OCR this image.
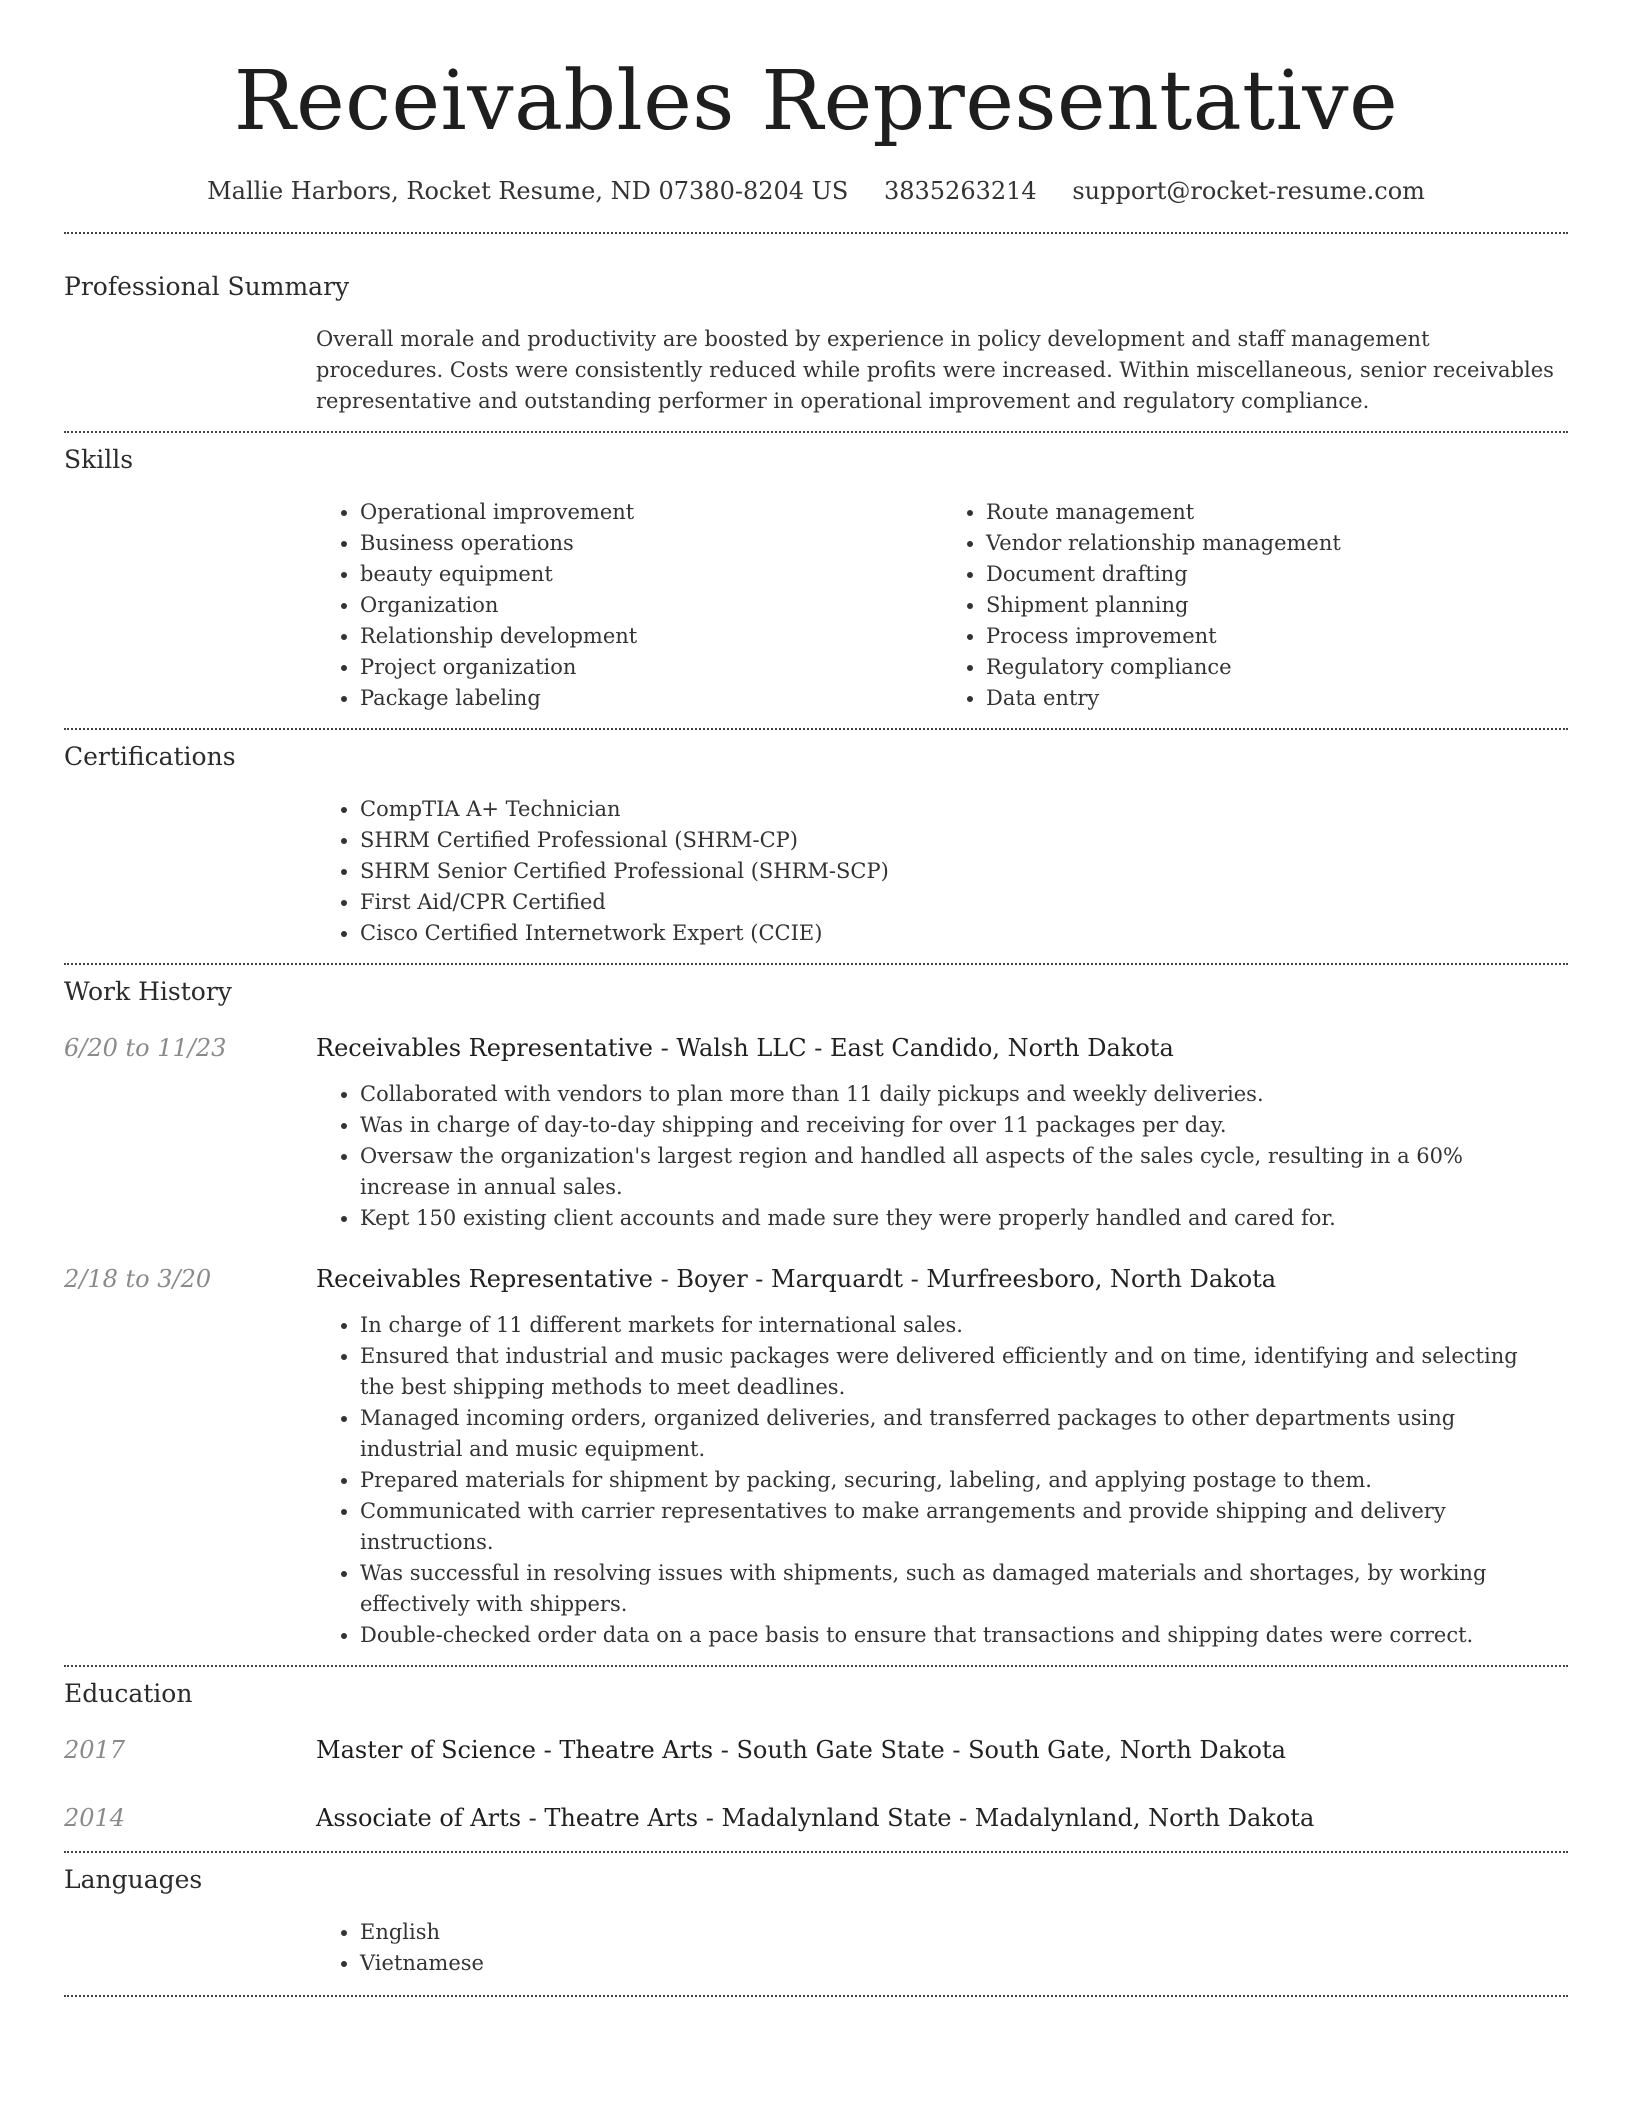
Receivables Representative
Mallie Harbors, Rocket Resume, ND 07380-8204 US 3835263214 support@rocket-resume.com
Professional Summary
Overall morale and productivity are boosted by experience in policy development and staff management procedures. Costs were consistently reduced while profits were increased. Within miscellaneous, senior receivables representative and outstanding performer in operational improvement and regulatory compliance.
Skills
• Operational improvement
• Business operations
• beauty equipment
• Organization
• Relationship development
• Project organization
• Package labeling
• Route management
• Vendor relationship management
• Document drafting
• Shipment planning
• Process improvement
• Regulatory compliance
• Data entry
Certifications
• CompTIA A+ Technician
• SHRM Certified Professional (SHRM-CP)
• SHRM Senior Certified Professional (SHRM-SCP)
• First Aid/CPR Certified
• Cisco Certified Internetwork Expert (CCIE)
Work History
6/20 to 11/23	Receivables Representative - Walsh LLC - East Candido, North Dakota
• Collaborated with vendors to plan more than 11 daily pickups and weekly deliveries.
• Was in charge of day-to-day shipping and receiving for over 11 packages per day.
• Oversaw the organization's largest region and handled all aspects of the sales cycle, resulting in a 60% increase in annual sales.
• Kept 150 existing client accounts and made sure they were properly handled and cared for.
2/18 to 3/20	Receivables Representative - Boyer - Marquardt - Murfreesboro, North Dakota
• In charge of 11 different markets for international sales.
• Ensured that industrial and music packages were delivered efficiently and on time, identifying and selecting the best shipping methods to meet deadlines.
• Managed incoming orders, organized deliveries, and transferred packages to other departments using industrial and music equipment.
• Prepared materials for shipment by packing, securing, labeling, and applying postage to them.
• Communicated with carrier representatives to make arrangements and provide shipping and delivery instructions.
• Was successful in resolving issues with shipments, such as damaged materials and shortages, by working effectively with shippers.
• Double-checked order data on a pace basis to ensure that transactions and shipping dates were correct.
Education
2017	Master of Science - Theatre Arts - South Gate State - South Gate, North Dakota
2014	Associate of Arts - Theatre Arts - Madalynland State - Madalynland, North Dakota
Languages
• English
• Vietnamese
